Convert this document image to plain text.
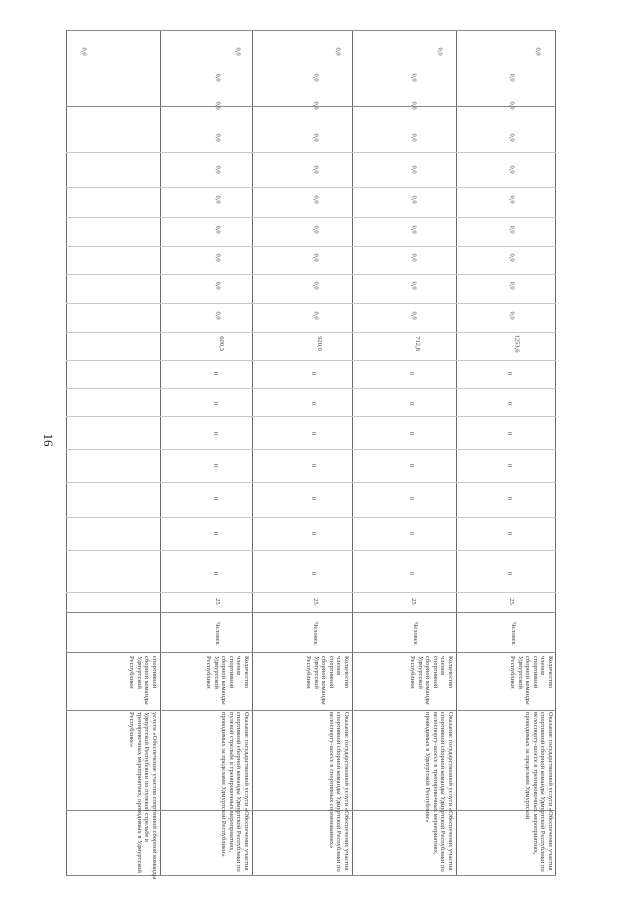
16
услуги «Обеспечение участия спортивной сборной команды Удмуртской Республики по пулевой стрельбе в тренировочных мероприятиях, проводимых в Удмуртской Республике»
спортивной сборной команды Удмуртской Республики
0,0
Оказание государственной услуги «Обеспечение участия спортивной сборной команды Удмуртской Республики по пулевой стрельбе в тренировочных мероприятиях, проводимых за пределами Удмуртской Республики»
Количество членов спортивной сборной команды Удмуртской Республики
Человек
25
0
0
0
0
0
0
0
600,3
0,0
0,0
0,0
0,0
0,0
0,0
0,0
0,0
0,0
0,0
Оказание государственной услуги «Обеспечение участия спортивной сборной команды Удмуртской Республики по велоспорту-шоссе в спортивных соревнованиях»
Количество членов спортивной сборной команды Удмуртской Республики
Человек
25
0
0
0
0
0
0
0
920,0
0,0
0,0
0,0
0,0
0,0
0,0
0,0
0,0
0,0
0,0
Оказание государственной услуги «Обеспечение участия спортивной сборной команды Удмуртской Республики по велоспорту-шоссе в тренировочных мероприятиях, проводимых в Удмуртской Республике»
Количество членов спортивной сборной команды Удмуртской Республики
Человек
25
0
0
0
0
0
0
0
712,8
0,0
0,0
0,0
0,0
0,0
0,0
0,0
0,0
0,0
0,0
Оказание государственной услуги «Обеспечение участия спортивной сборной команды Удмуртской Республики по велоспорту-шоссе в тренировочных мероприятиях, проводимых за пределами Удмуртской
Количество членов спортивной сборной команды Удмуртской Республики
Человек
25
0
0
0
0
0
0
0
1253,6
0,0
0,0
0,0
0,0
0,0
0,0
0,0
0,0
0,0
0,0
